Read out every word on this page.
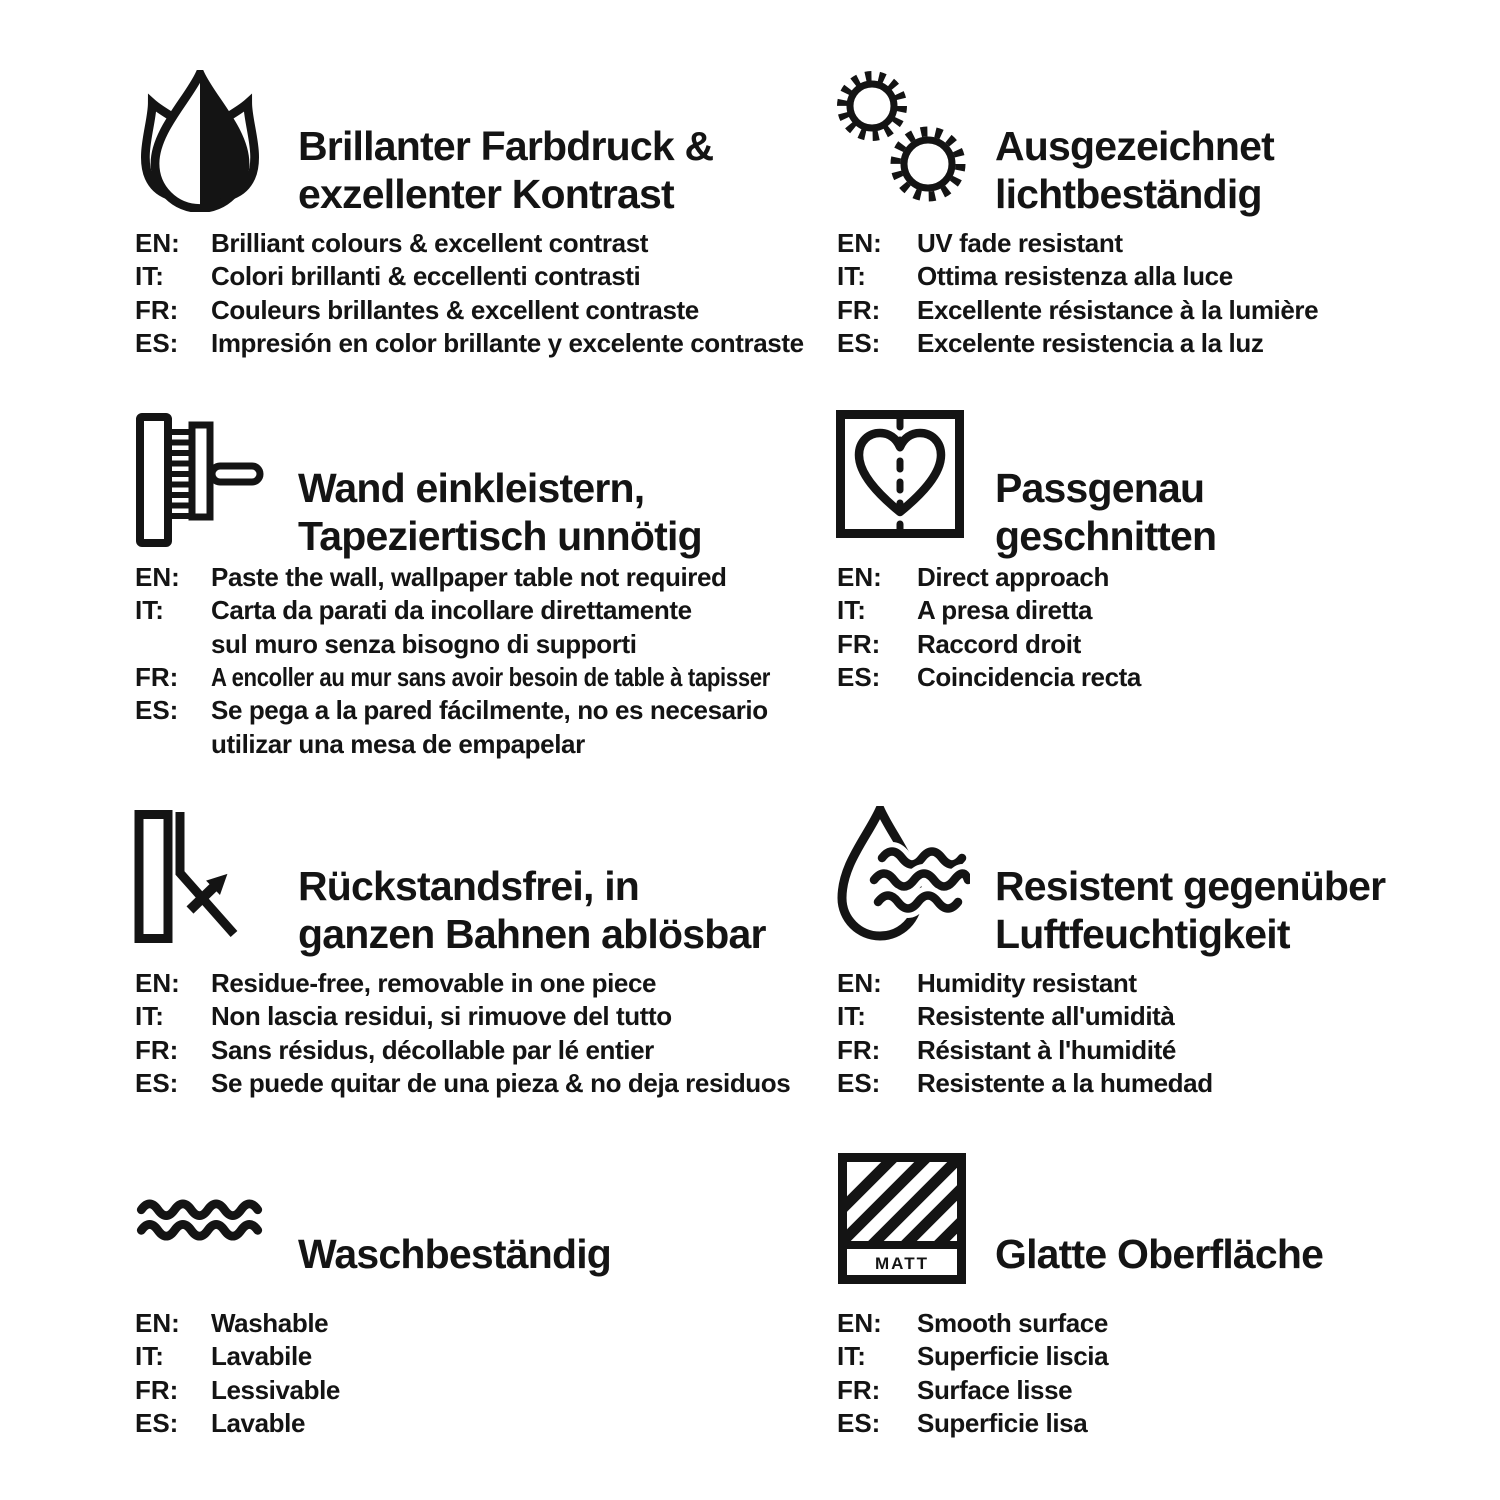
Brillanter Farbdruck &
exzellenter Kontrast
EN:	Brilliant colours & excellent contrast
IT:	Colori brillanti & eccellenti contrasti
FR:	Couleurs brillantes & excellent contraste
ES:	Impresión en color brillante y excelente contraste
Ausgezeichnet
lichtbeständig
EN:	UV fade resistant
IT:	Ottima resistenza alla luce
FR:	Excellente résistance à la lumière
ES:	Excelente resistencia a la luz
Wand einkleistern,
Tapeziertisch unnötig
EN:	Paste the wall, wallpaper table not required
IT:	Carta da parati da incollare direttamente
sul muro senza bisogno di supporti
FR:	A encoller au mur sans avoir besoin de table à tapisser
ES:	Se pega a la pared fácilmente, no es necesario
utilizar una mesa de empapelar
Passgenau
geschnitten
EN:	Direct approach
IT:	A presa diretta
FR:	Raccord droit
ES:	Coincidencia recta
Rückstandsfrei, in
ganzen Bahnen ablösbar
EN:	Residue-free, removable in one piece
IT:	Non lascia residui, si rimuove del tutto
FR:	Sans résidus, décollable par lé entier
ES:	Se puede quitar de una pieza & no deja residuos
Resistent gegenüber
Luftfeuchtigkeit
EN:	Humidity resistant
IT:	Resistente all'umidità
FR:	Résistant à l'humidité
ES:	Resistente a la humedad
Waschbeständig
EN:	Washable
IT:	Lavabile
FR:	Lessivable
ES:	Lavable
MATT Glatte Oberfläche
EN:	Smooth surface
IT:	Superficie liscia
FR:	Surface lisse
ES:	Superficie lisa
